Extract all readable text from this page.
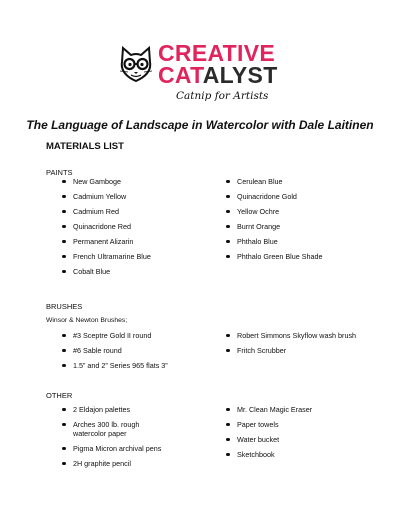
CREATIVE
CATALYST
Catnip for Artists
The Language of Landscape in Watercolor with Dale Laitinen
MATERIALS LIST
PAINTS
New Gamboge
Cadmium Yellow
Cadmium Red
Quinacridone Red
Permanent Alizarin
French Ultramarine Blue
Cobalt Blue
Cerulean Blue
Quinacridone Gold
Yellow Ochre
Burnt Orange
Phthalo Blue
Phthalo Green Blue Shade
BRUSHES
Winsor & Newton Brushes;
#3 Sceptre Gold II round
#6 Sable round
1.5” and 2” Series 965 flats 3”
Robert Simmons Skyflow wash brush
Fritch Scrubber
OTHER
2 Eldajon palettes
Arches 300 lb. rough watercolor paper
Pigma Micron archival pens
2H graphite pencil
Mr. Clean Magic Eraser
Paper towels
Water bucket
Sketchbook
